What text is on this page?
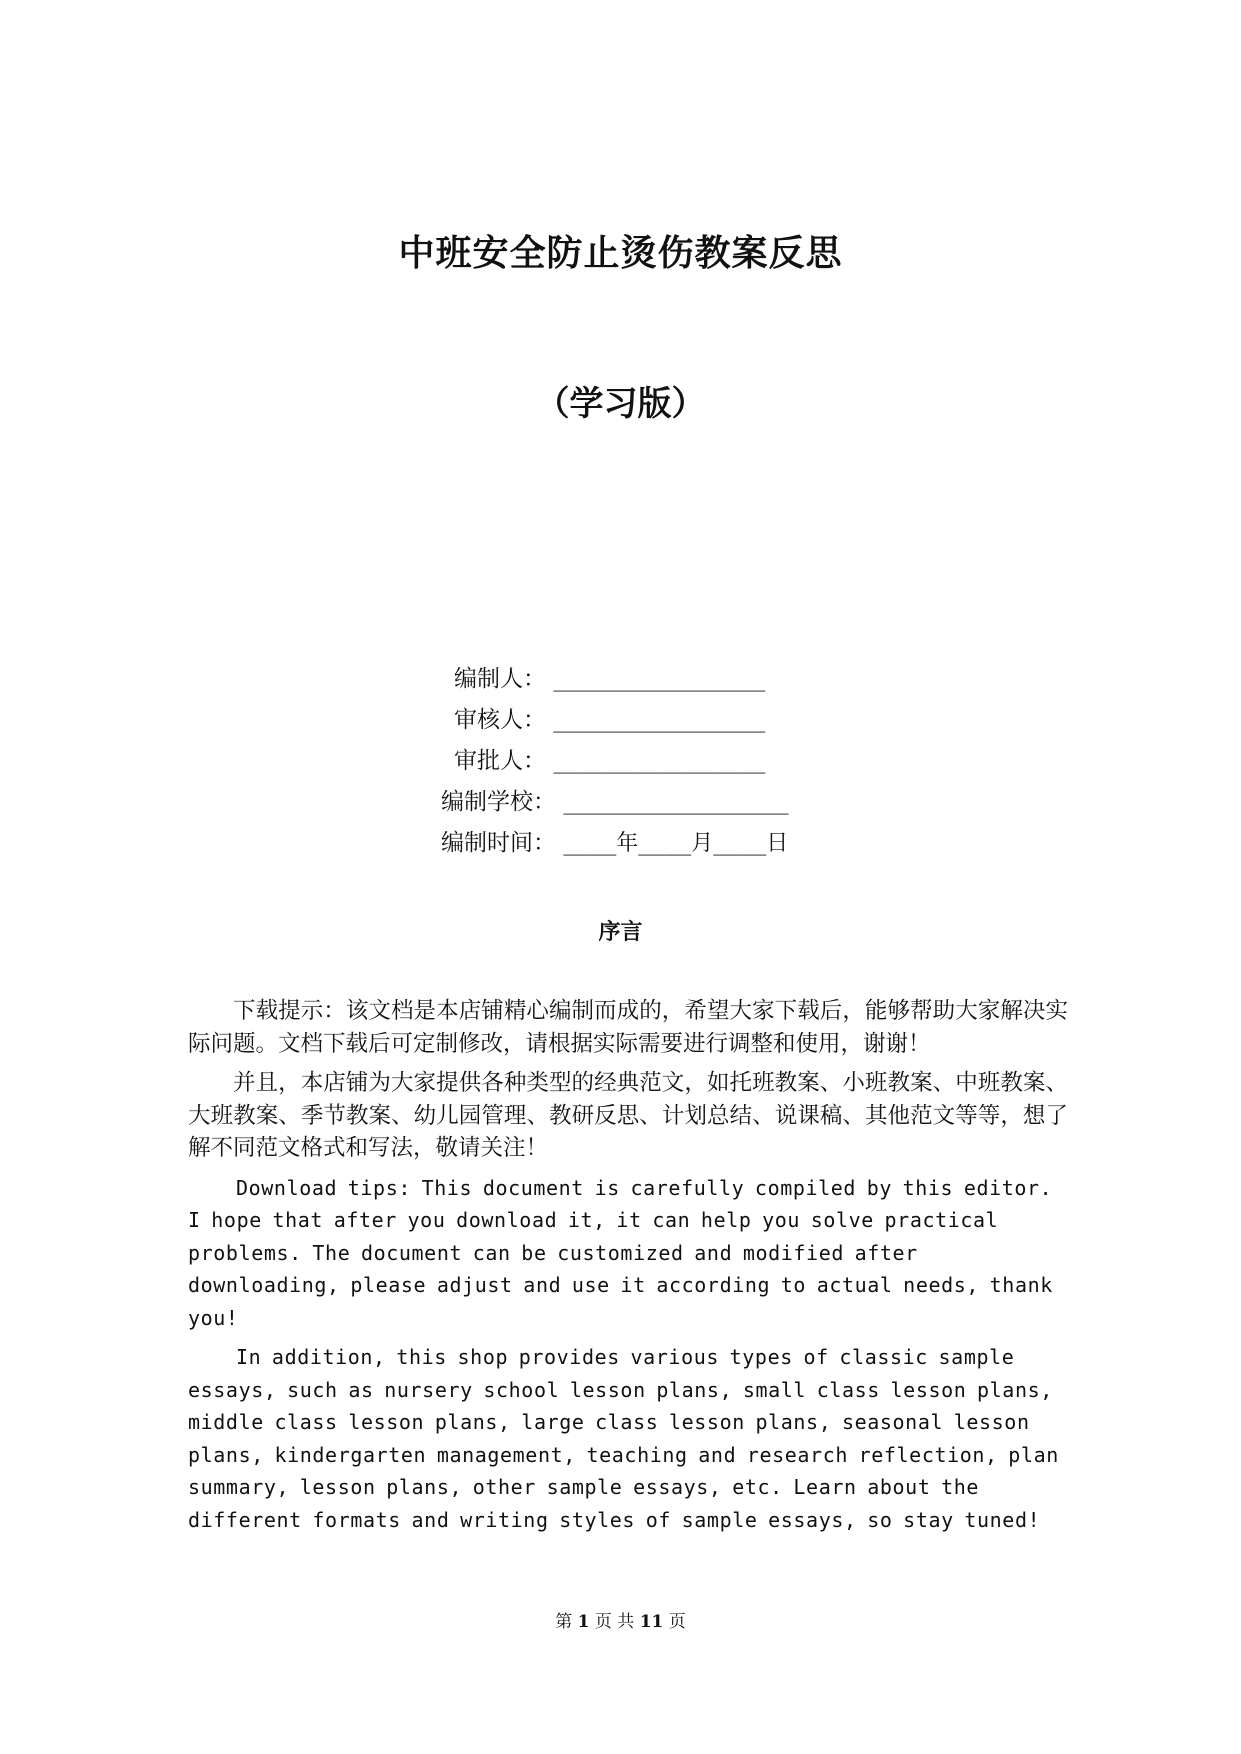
中班安全防止烫伤教案反思
（学习版）
编制人： ________________
审核人： ________________
审批人： ________________
编制学校： _________________
编制时间： ____年____月____日
序言

下载提示：该文档是本店铺精心编制而成的，希望大家下载后，能够帮助大家解决实际问题。文档下载后可定制修改，请根据实际需要进行调整和使用，谢谢！

并且，本店铺为大家提供各种类型的经典范文，如托班教案、小班教案、中班教案、大班教案、季节教案、幼儿园管理、教研反思、计划总结、说课稿、其他范文等等，想了解不同范文格式和写法，敬请关注！

Download tips: This document is carefully compiled by this editor. I hope that after you download it, it can help you solve practical problems. The document can be customized and modified after downloading, please adjust and use it according to actual needs, thank you!

In addition, this shop provides various types of classic sample essays, such as nursery school lesson plans, small class lesson plans, middle class lesson plans, large class lesson plans, seasonal lesson plans, kindergarten management, teaching and research reflection, plan summary, lesson plans, other sample essays, etc. Learn about the different formats and writing styles of sample essays, so stay tuned!

第 1 页 共 11 页
